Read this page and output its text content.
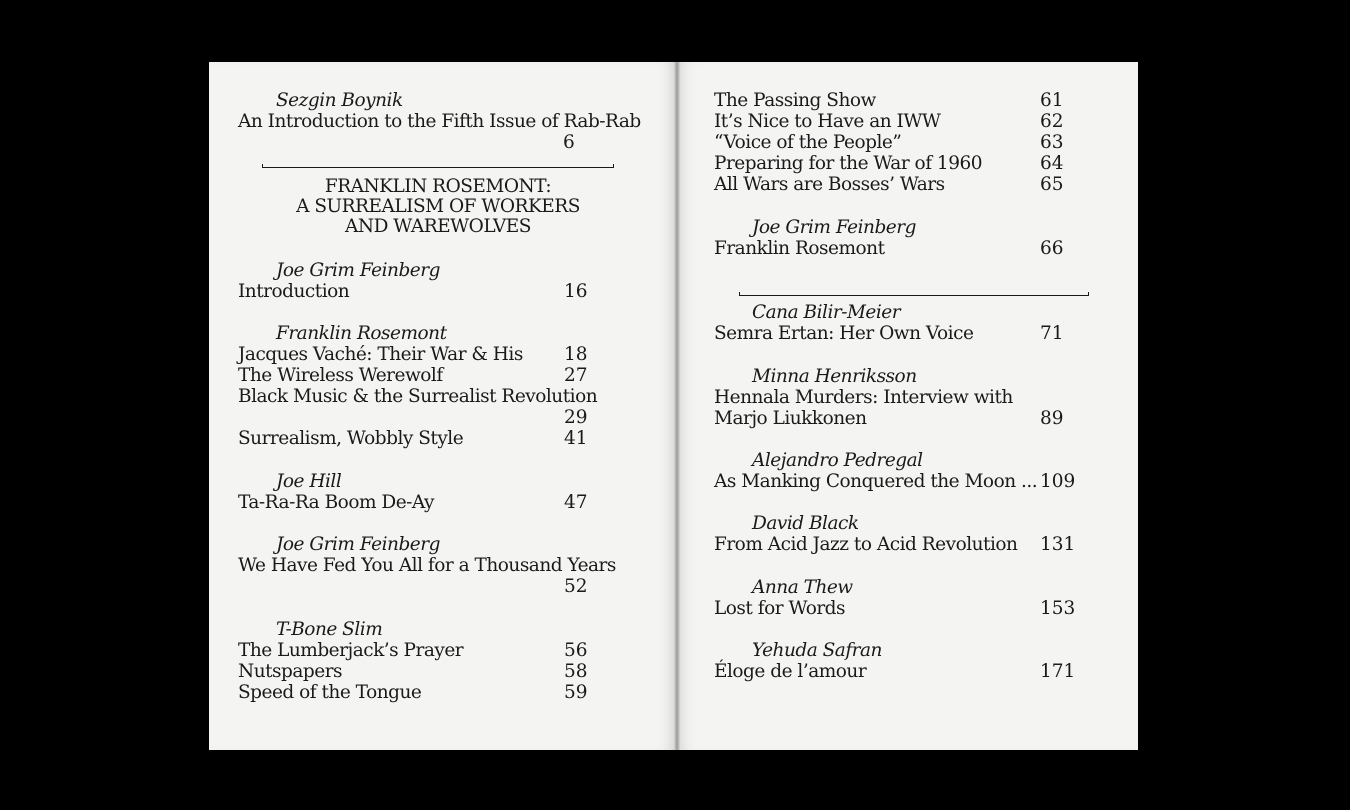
Sezgin Boynik
An Introduction to the Fifth Issue of Rab-Rab
6
FRANKLIN ROSEMONT:
A SURREALISM OF WORKERS
AND WAREWOLVES
Joe Grim Feinberg
Introduction	16
Franklin Rosemont
Jacques Vaché: Their War & His 18
The Wireless Werewolf	27
Black Music & the Surrealist Revolution
29
Surrealism, Wobbly Style	41
Joe Hill
Ta-Ra-Ra Boom De-Ay	47
Joe Grim Feinberg
We Have Fed You All for a Thousand Years
52
T-Bone Slim
The Lumberjack’s Prayer	56
Nutspapers	58
Speed of the Tongue	59
The Passing Show	61
It’s Nice to Have an IWW	62
“Voice of the People”	63
Preparing for the War of 1960	64
All Wars are Bosses’ Wars	65
Joe Grim Feinberg
Franklin Rosemont	66
Cana Bilir-Meier
Semra Ertan: Her Own Voice	71
Minna Henriksson
Hennala Murders: Interview with
Marjo Liukkonen	89
Alejandro Pedregal
As Manking Conquered the Moon ... 109
David Black
From Acid Jazz to Acid Revolution 131
Anna Thew
Lost for Words	153
Yehuda Safran
Éloge de l’amour	171
